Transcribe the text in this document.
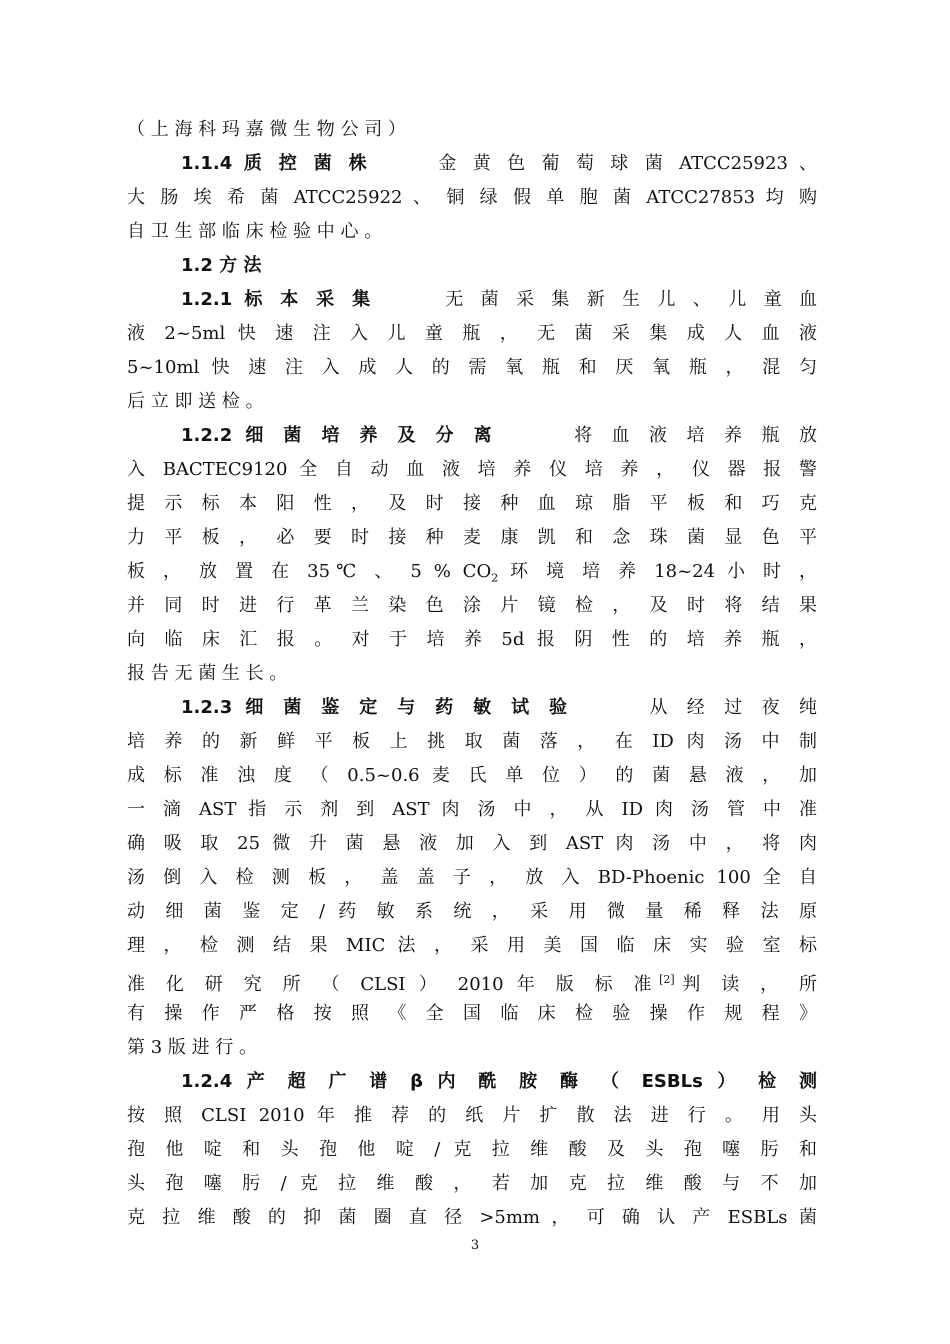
（ 上 海 科 玛 嘉 微 生 物 公 司 ）
1.1.4 质 控 菌 株	金 黄 色 葡 萄 球 菌 ATCC25923 、
大 肠 埃 希 菌 ATCC25922 、 铜 绿 假 单 胞 菌 ATCC27853 均 购
自 卫 生 部 临 床 检 验 中 心 。
1.2 方 法
1.2.1 标 本 采 集	无 菌 采 集 新 生 儿 、 儿 童 血
液 2~5ml 快 速 注 入 儿 童 瓶 ， 无 菌 采 集 成 人 血 液
5~10ml 快 速 注 入 成 人 的 需 氧 瓶 和 厌 氧 瓶 ， 混 匀
后 立 即 送 检 。
1.2.2 细 菌 培 养 及 分 离	将 血 液 培 养 瓶 放
入 BACTEC9120 全 自 动 血 液 培 养 仪 培 养 ， 仪 器 报 警
提 示 标 本 阳 性 ， 及 时 接 种 血 琼 脂 平 板 和 巧 克
力 平 板 ， 必 要 时 接 种 麦 康 凯 和 念 珠 菌 显 色 平
板 ， 放 置 在 35℃ 、 5 % $CO_2$ 环 境 培 养 18~24 小 时 ，
并 同 时 进 行 革 兰 染 色 涂 片 镜 检 ， 及 时 将 结 果
向 临 床 汇 报 。 对 于 培 养 5d 报 阴 性 的 培 养 瓶 ，
报 告 无 菌 生 长 。
1.2.3 细 菌 鉴 定 与 药 敏 试 验	从 经 过 夜 纯
培 养 的 新 鲜 平 板 上 挑 取 菌 落 ， 在 ID 肉 汤 中 制
成 标 准 浊 度 （ 0.5~0.6 麦 氏 单 位 ） 的 菌 悬 液 ， 加
一 滴 AST 指 示 剂 到 AST 肉 汤 中 ， 从 ID 肉 汤 管 中 准
确 吸 取 25 微 升 菌 悬 液 加 入 到 AST 肉 汤 中 ， 将 肉
汤 倒 入 检 测 板 ， 盖 盖 子 ， 放 入 BD-Phoenic 100 全 自
动 细 菌 鉴 定 / 药 敏 系 统 ， 采 用 微 量 稀 释 法 原
理 ， 检 测 结 果 MIC 法 ， 采 用 美 国 临 床 实 验 室 标
准 化 研 究 所 （ CLSI ） 2010 年 版 标 准[2]判 读 ， 所
有 操 作 严 格 按 照 《 全 国 临 床 检 验 操 作 规 程 》
第 3 版 进 行 。
1.2.4 产 超 广 谱 β 内 酰 胺 酶 （ ESBLs ） 检 测
按 照 CLSI 2010 年 推 荐 的 纸 片 扩 散 法 进 行 。 用 头
孢 他 啶 和 头 孢 他 啶 / 克 拉 维 酸 及 头 孢 噻 肟 和
头 孢 噻 肟 / 克 拉 维 酸 ， 若 加 克 拉 维 酸 与 不 加
克 拉 维 酸 的 抑 菌 圈 直 径 >5mm ， 可 确 认 产 ESBLs 菌
3
